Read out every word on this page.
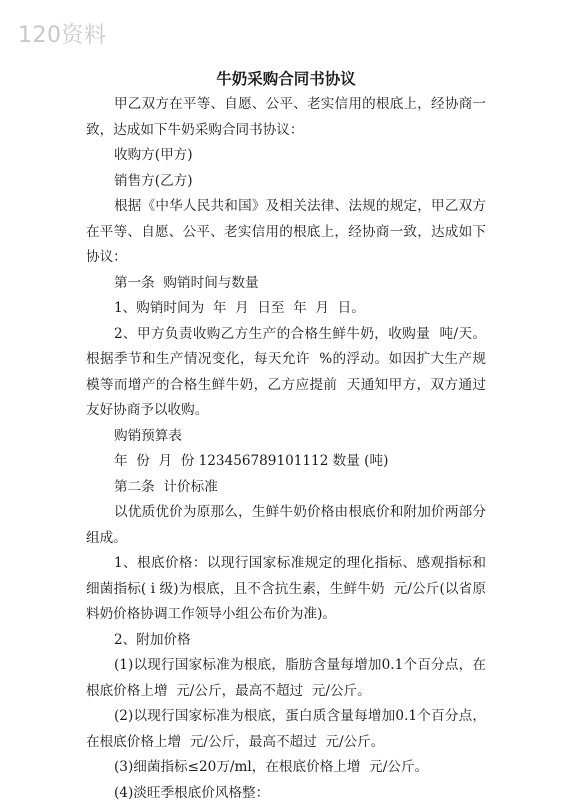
120资料
牛奶采购合同书协议

甲乙双方在平等、自愿、公平、老实信用的根底上，经协商一致，达成如下牛奶采购合同书协议：

收购方(甲方)

销售方(乙方)

根据《中华人民共和国》及相关法律、法规的规定，甲乙双方在平等、自愿、公平、老实信用的根底上，经协商一致，达成如下协议：

第一条  购销时间与数量

1、购销时间为  年  月  日至  年  月  日。

2、甲方负责收购乙方生产的合格生鲜牛奶，收购量  吨/天。根据季节和生产情况变化，每天允许  %的浮动。如因扩大生产规模等而增产的合格生鲜牛奶，乙方应提前  天通知甲方，双方通过友好协商予以收购。

购销预算表

年  份  月  份 123456789101112 数量 (吨)

第二条  计价标准

以优质优价为原那么，生鲜牛奶价格由根底价和附加价两部分组成。

1、根底价格：以现行国家标准规定的理化指标、感观指标和细菌指标( i 级)为根底，且不含抗生素，生鲜牛奶  元/公斤(以省原料奶价格协调工作领导小组公布价为准)。

2、附加价格

(1)以现行国家标准为根底，脂肪含量每增加0.1个百分点，在根底价格上增  元/公斤，最高不超过  元/公斤。

(2)以现行国家标准为根底，蛋白质含量每增加0.1个百分点，在根底价格上增  元/公斤，最高不超过  元/公斤。

(3)细菌指标≤20万/ml，在根底价格上增  元/公斤。

(4)淡旺季根底价风格整：
